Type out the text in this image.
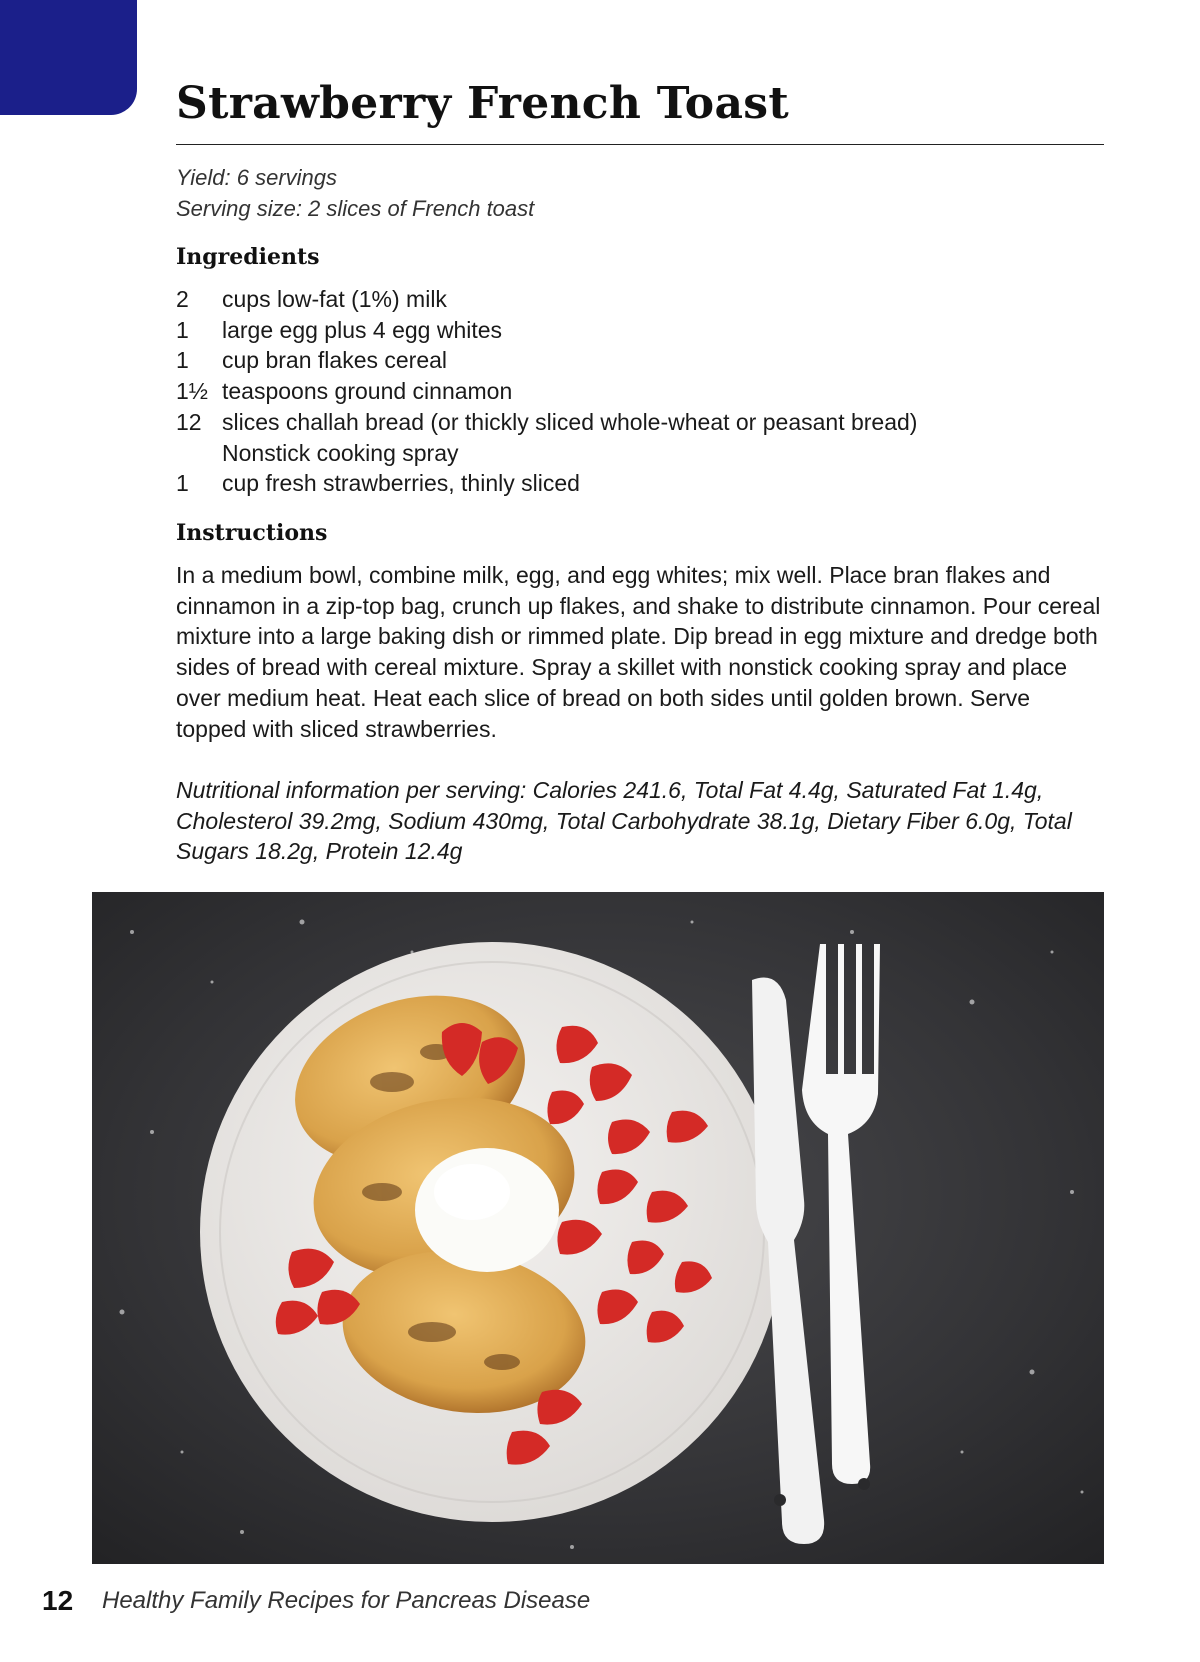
Strawberry French Toast
Yield: 6 servings
Serving size: 2 slices of French toast
Ingredients
2	cups low-fat (1%) milk
1	large egg plus 4 egg whites
1	cup bran flakes cereal
1½ teaspoons ground cinnamon
12 slices challah bread (or thickly sliced whole-wheat or peasant bread)
Nonstick cooking spray
1	cup fresh strawberries, thinly sliced
Instructions

In a medium bowl, combine milk, egg, and egg whites; mix well. Place bran flakes and cinnamon in a zip-top bag, crunch up flakes, and shake to distribute cinnamon. Pour cereal mixture into a large baking dish or rimmed plate. Dip bread in egg mixture and dredge both sides of bread with cereal mixture. Spray a skillet with nonstick cooking spray and place over medium heat. Heat each slice of bread on both sides until golden brown. Serve topped with sliced strawberries.

Nutritional information per serving: Calories 241.6, Total Fat 4.4g, Saturated Fat 1.4g, Cholesterol 39.2mg, Sodium 430mg, Total Carbohydrate 38.1g, Dietary Fiber 6.0g, Total Sugars 18.2g, Protein 12.4g

12 Healthy Family Recipes for Pancreas Disease
